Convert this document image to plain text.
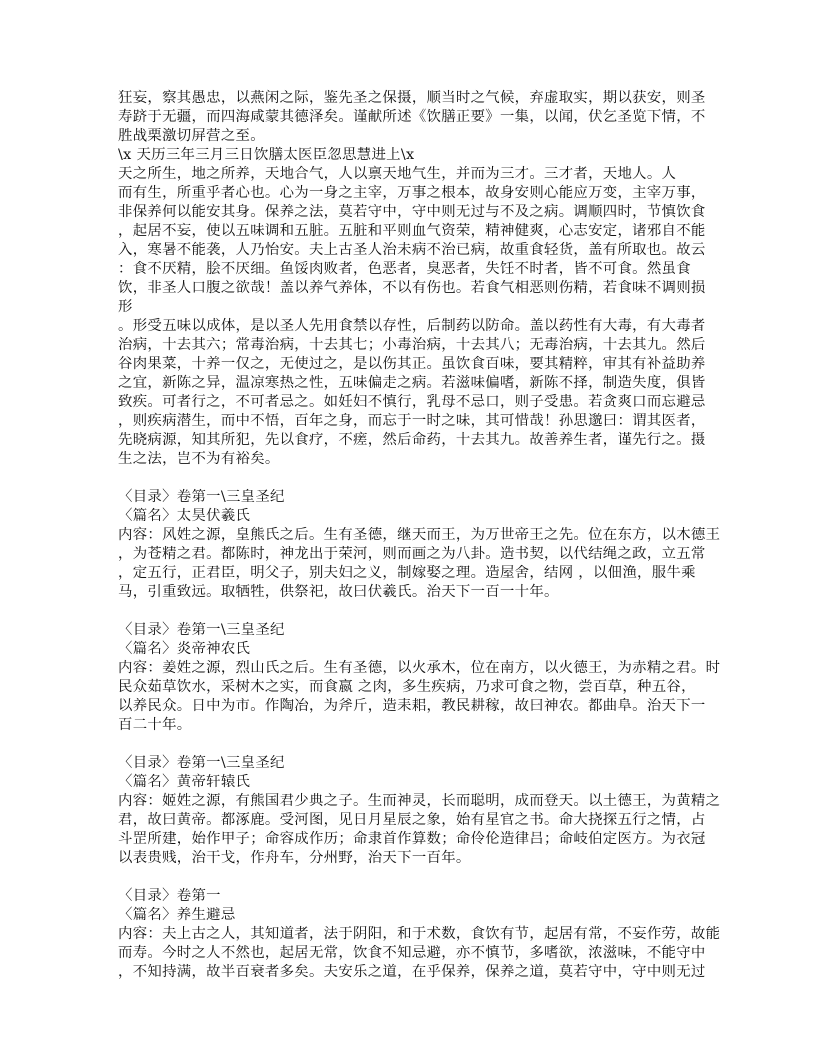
狂妄，察其愚忠，以燕闲之际，鉴先圣之保摄，顺当时之气候，弃虚取实，期以获安，则圣
寿跻于无疆，而四海咸蒙其德泽矣。谨献所述《饮膳正要》一集，以闻，伏乞圣览下情，不
胜战栗激切屏营之至。
\x 天历三年三月三日饮膳太医臣忽思慧进上\x
天之所生，地之所养，天地合气，人以禀天地气生，并而为三才。三才者，天地人。人
而有生，所重乎者心也。心为一身之主宰，万事之根本，故身安则心能应万变，主宰万事，
非保养何以能安其身。保养之法，莫若守中，守中则无过与不及之病。调顺四时，节慎饮食
，起居不妄，使以五味调和五脏。五脏和平则血气资荣，精神健爽，心志安定，诸邪自不能
入，寒暑不能袭，人乃怡安。夫上古圣人治未病不治已病，故重食轻货，盖有所取也。故云
：食不厌精，脍不厌细。鱼馁肉败者，色恶者，臭恶者，失饪不时者，皆不可食。然虽食
饮，非圣人口腹之欲哉！盖以养气养体，不以有伤也。若食气相恶则伤精，若食味不调则损
形
。形受五味以成体，是以圣人先用食禁以存性，后制药以防命。盖以药性有大毒，有大毒者
治病，十去其六；常毒治病，十去其七；小毒治病，十去其八；无毒治病，十去其九。然后
谷肉果菜，十养一仅之，无使过之，是以伤其正。虽饮食百味，要其精粹，审其有补益助养
之宜，新陈之异，温凉寒热之性，五味偏走之病。若滋味偏嗜，新陈不择，制造失度，俱皆
致疾。可者行之，不可者忌之。如妊妇不慎行，乳母不忌口，则子受患。若贪爽口而忘避忌
，则疾病潜生，而中不悟，百年之身，而忘于一时之味，其可惜哉！孙思邈曰：谓其医者，
先晓病源，知其所犯，先以食疗，不瘥，然后命药，十去其九。故善养生者，谨先行之。摄
生之法，岂不为有裕矣。
〈目录〉卷第一\三皇圣纪
〈篇名〉太昊伏羲氏
内容：风姓之源，皇熊氏之后。生有圣德，继天而王，为万世帝王之先。位在东方，以木德王
，为苍精之君。都陈时，神龙出于荣河，则而画之为八卦。造书契，以代结绳之政，立五常
，定五行，正君臣，明父子，别夫妇之义，制嫁娶之理。造屋舍，结网 ，以佃渔，服牛乘
马，引重致远。取牺牲，供祭祀，故曰伏羲氏。治天下一百一十年。
〈目录〉卷第一\三皇圣纪
〈篇名〉炎帝神农氏
内容：姜姓之源，烈山氏之后。生有圣德，以火承木，位在南方，以火德王，为赤精之君。时
民众茹草饮水，采树木之实，而食嬴 之肉，多生疾病，乃求可食之物，尝百草，种五谷，
以养民众。日中为市。作陶冶，为斧斤，造耒耜，教民耕稼，故曰神农。都曲阜。治天下一
百二十年。
〈目录〉卷第一\三皇圣纪
〈篇名〉黄帝轩辕氏
内容：姬姓之源，有熊国君少典之子。生而神灵，长而聪明，成而登天。以土德王，为黄精之
君，故曰黄帝。都涿鹿。受河图，见日月星辰之象，始有星官之书。命大挠探五行之情，占
斗罡所建，始作甲子；命容成作历；命隶首作算数；命伶伦造律吕；命岐伯定医方。为衣冠
以表贵贱，治干戈，作舟车，分州野，治天下一百年。
〈目录〉卷第一
〈篇名〉养生避忌
内容：夫上古之人，其知道者，法于阴阳，和于术数，食饮有节，起居有常，不妄作劳，故能
而寿。今时之人不然也，起居无常，饮食不知忌避，亦不慎节，多嗜欲，浓滋味，不能守中
，不知持满，故半百衰者多矣。夫安乐之道，在乎保养，保养之道，莫若守中，守中则无过
